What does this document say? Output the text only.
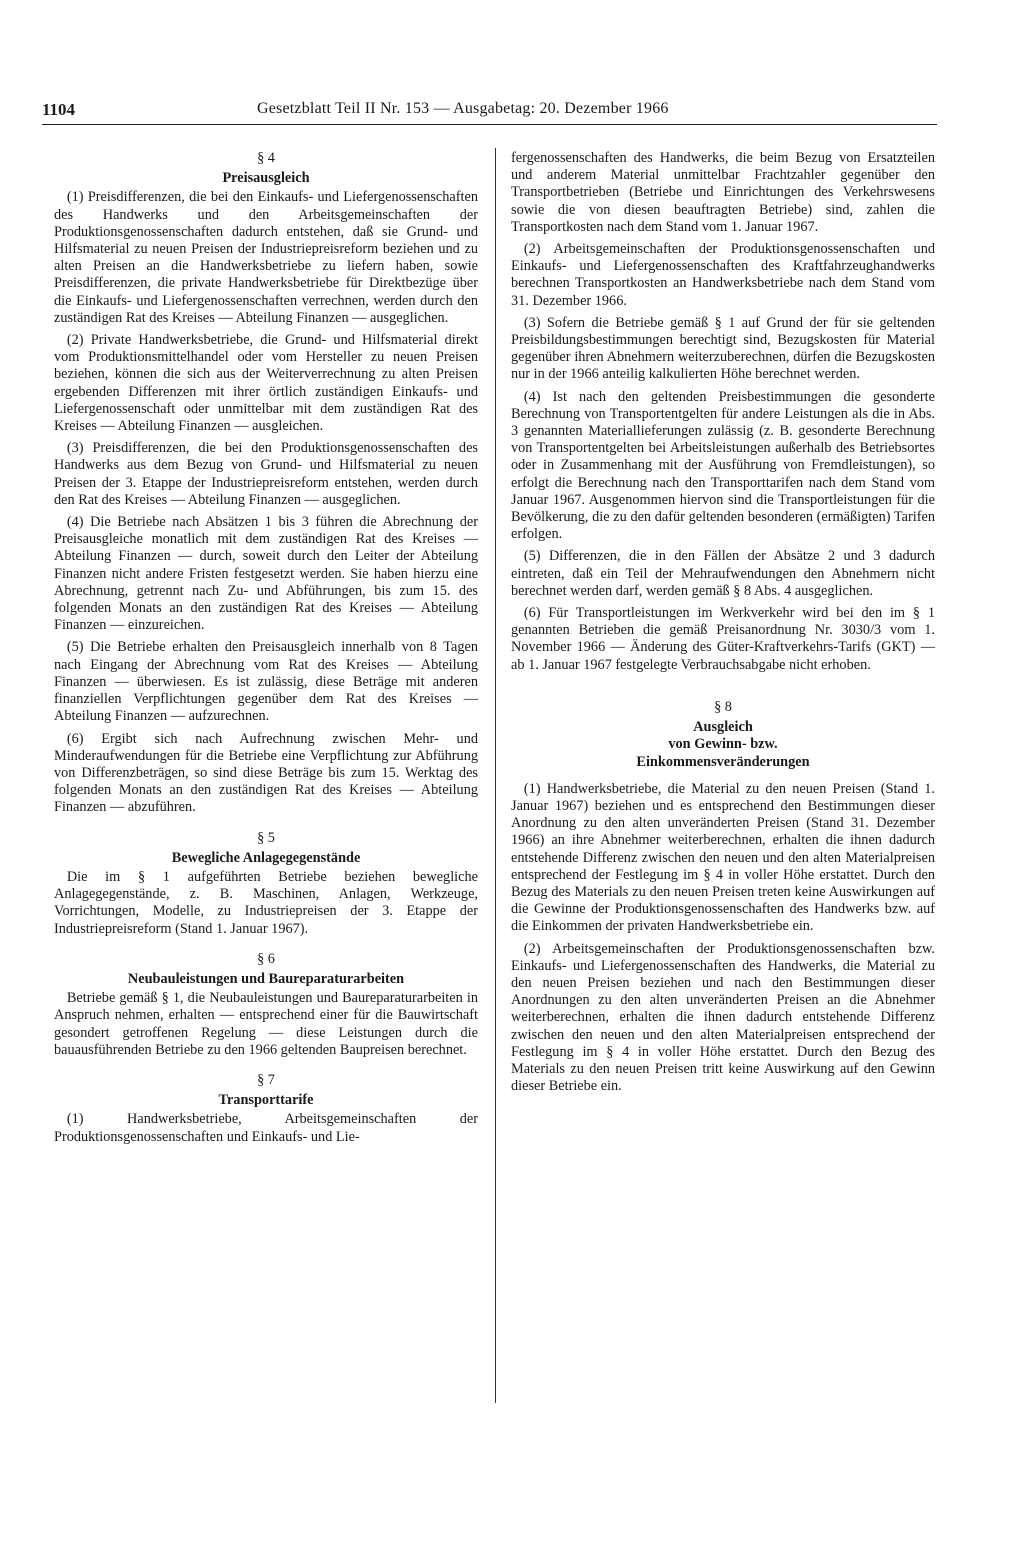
1104	Gesetzblatt Teil II Nr. 153 — Ausgabetag: 20. Dezember 1966
§ 4
Preisausgleich

(1) Preisdifferenzen, die bei den Einkaufs- und Liefergenossenschaften des Handwerks und den Arbeitsgemeinschaften der Produktionsgenossenschaften dadurch entstehen, daß sie Grund- und Hilfsmaterial zu neuen Preisen der Industriepreisreform beziehen und zu alten Preisen an die Handwerksbetriebe zu liefern haben, sowie Preisdifferenzen, die private Handwerksbetriebe für Direktbezüge über die Einkaufs- und Liefergenossenschaften verrechnen, werden durch den zuständigen Rat des Kreises — Abteilung Finanzen — ausgeglichen.

(2) Private Handwerksbetriebe, die Grund- und Hilfsmaterial direkt vom Produktionsmittelhandel oder vom Hersteller zu neuen Preisen beziehen, können die sich aus der Weiterverrechnung zu alten Preisen ergebenden Differenzen mit ihrer örtlich zuständigen Einkaufs- und Liefergenossenschaft oder unmittelbar mit dem zuständigen Rat des Kreises — Abteilung Finanzen — ausgleichen.

(3) Preisdifferenzen, die bei den Produktionsgenossenschaften des Handwerks aus dem Bezug von Grund- und Hilfsmaterial zu neuen Preisen der 3. Etappe der Industriepreisreform entstehen, werden durch den Rat des Kreises — Abteilung Finanzen — ausgeglichen.

(4) Die Betriebe nach Absätzen 1 bis 3 führen die Abrechnung der Preisausgleiche monatlich mit dem zuständigen Rat des Kreises — Abteilung Finanzen — durch, soweit durch den Leiter der Abteilung Finanzen nicht andere Fristen festgesetzt werden. Sie haben hierzu eine Abrechnung, getrennt nach Zu- und Abführungen, bis zum 15. des folgenden Monats an den zuständigen Rat des Kreises — Abteilung Finanzen — einzureichen.

(5) Die Betriebe erhalten den Preisausgleich innerhalb von 8 Tagen nach Eingang der Abrechnung vom Rat des Kreises — Abteilung Finanzen — überwiesen. Es ist zulässig, diese Beträge mit anderen finanziellen Verpflichtungen gegenüber dem Rat des Kreises — Abteilung Finanzen — aufzurechnen.

(6) Ergibt sich nach Aufrechnung zwischen Mehr- und Minderaufwendungen für die Betriebe eine Verpflichtung zur Abführung von Differenzbeträgen, so sind diese Beträge bis zum 15. Werktag des folgenden Monats an den zuständigen Rat des Kreises — Abteilung Finanzen — abzuführen.

§ 5
Bewegliche Anlagegegenstände

Die im § 1 aufgeführten Betriebe beziehen bewegliche Anlagegegenstände, z. B. Maschinen, Anlagen, Werkzeuge, Vorrichtungen, Modelle, zu Industriepreisen der 3. Etappe der Industriepreisreform (Stand 1. Januar 1967).

§ 6
Neubauleistungen und Baureparaturarbeiten

Betriebe gemäß § 1, die Neubauleistungen und Baureparaturarbeiten in Anspruch nehmen, erhalten — entsprechend einer für die Bauwirtschaft gesondert getroffenen Regelung — diese Leistungen durch die bauausführenden Betriebe zu den 1966 geltenden Baupreisen berechnet.

§ 7
Transporttarife

(1) Handwerksbetriebe, Arbeitsgemeinschaften der Produktionsgenossenschaften und Einkaufs- und Lie-

fergenossenschaften des Handwerks, die beim Bezug von Ersatzteilen und anderem Material unmittelbar Frachtzahler gegenüber den Transportbetrieben (Betriebe und Einrichtungen des Verkehrswesens sowie die von diesen beauftragten Betriebe) sind, zahlen die Transportkosten nach dem Stand vom 1. Januar 1967.

(2) Arbeitsgemeinschaften der Produktionsgenossenschaften und Einkaufs- und Liefergenossenschaften des Kraftfahrzeughandwerks berechnen Transportkosten an Handwerksbetriebe nach dem Stand vom 31. Dezember 1966.

(3) Sofern die Betriebe gemäß § 1 auf Grund der für sie geltenden Preisbildungsbestimmungen berechtigt sind, Bezugskosten für Material gegenüber ihren Abnehmern weiterzuberechnen, dürfen die Bezugskosten nur in der 1966 anteilig kalkulierten Höhe berechnet werden.

(4) Ist nach den geltenden Preisbestimmungen die gesonderte Berechnung von Transportentgelten für andere Leistungen als die in Abs. 3 genannten Materiallieferungen zulässig (z. B. gesonderte Berechnung von Transportentgelten bei Arbeitsleistungen außerhalb des Betriebsortes oder in Zusammenhang mit der Ausführung von Fremdleistungen), so erfolgt die Berechnung nach den Transporttarifen nach dem Stand vom Januar 1967. Ausgenommen hiervon sind die Transportleistungen für die Bevölkerung, die zu den dafür geltenden besonderen (ermäßigten) Tarifen erfolgen.

(5) Differenzen, die in den Fällen der Absätze 2 und 3 dadurch eintreten, daß ein Teil der Mehraufwendungen den Abnehmern nicht berechnet werden darf, werden gemäß § 8 Abs. 4 ausgeglichen.

(6) Für Transportleistungen im Werkverkehr wird bei den im § 1 genannten Betrieben die gemäß Preisanordnung Nr. 3030/3 vom 1. November 1966 — Änderung des Güter-Kraftverkehrs-Tarifs (GKT) — ab 1. Januar 1967 festgelegte Verbrauchsabgabe nicht erhoben.

§ 8
Ausgleich
von Gewinn- bzw.
Einkommensveränderungen

(1) Handwerksbetriebe, die Material zu den neuen Preisen (Stand 1. Januar 1967) beziehen und es entsprechend den Bestimmungen dieser Anordnung zu den alten unveränderten Preisen (Stand 31. Dezember 1966) an ihre Abnehmer weiterberechnen, erhalten die ihnen dadurch entstehende Differenz zwischen den neuen und den alten Materialpreisen entsprechend der Festlegung im § 4 in voller Höhe erstattet. Durch den Bezug des Materials zu den neuen Preisen treten keine Auswirkungen auf die Gewinne der Produktionsgenossenschaften des Handwerks bzw. auf die Einkommen der privaten Handwerksbetriebe ein.

(2) Arbeitsgemeinschaften der Produktionsgenossenschaften bzw. Einkaufs- und Liefergenossenschaften des Handwerks, die Material zu den neuen Preisen beziehen und nach den Bestimmungen dieser Anordnungen zu den alten unveränderten Preisen an die Abnehmer weiterberechnen, erhalten die ihnen dadurch entstehende Differenz zwischen den neuen und den alten Materialpreisen entsprechend der Festlegung im § 4 in voller Höhe erstattet. Durch den Bezug des Materials zu den neuen Preisen tritt keine Auswirkung auf den Gewinn dieser Betriebe ein.
